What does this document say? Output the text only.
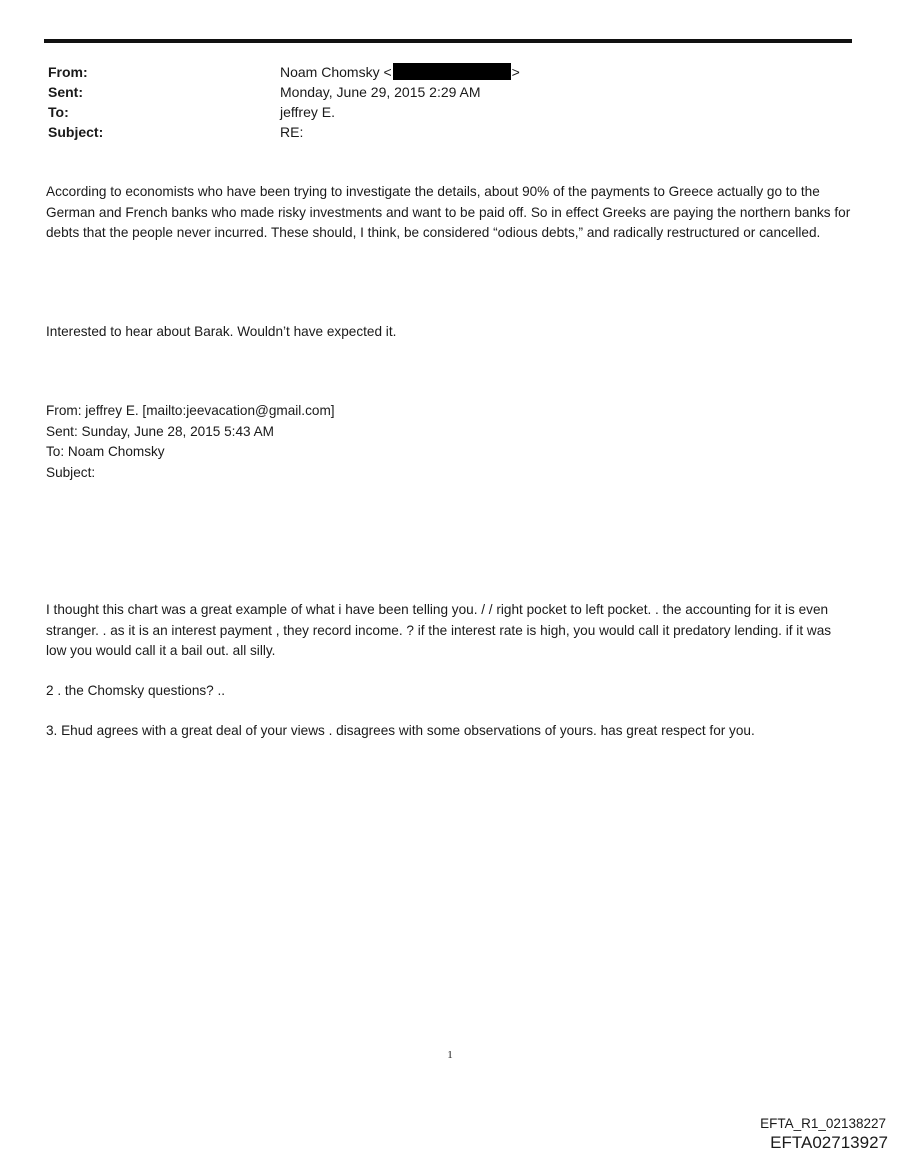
From:	Noam Chomsky <	>
Sent:	Monday, June 29, 2015 2:29 AM
To:	jeffrey E.
Subject:	RE:

According to economists who have been trying to investigate the details, about 90% of the payments to Greece actually go to the German and French banks who made risky investments and want to be paid off. So in effect Greeks are paying the northern banks for debts that the people never incurred. These should, I think, be considered “odious debts,” and radically restructured or cancelled.

Interested to hear about Barak. Wouldn’t have expected it.

From: jeffrey E. [mailto:jeevacation@gmail.com]
Sent: Sunday, June 28, 2015 5:43 AM
To: Noam Chomsky
Subject:

I thought this chart was a great example of what i have been telling you. / / right pocket to left pocket. . the accounting for it is even stranger. . as it is an interest payment , they record income. ? if the interest rate is high, you would call it predatory lending. if it was low you would call it a bail out. all silly.

2 . the Chomsky questions? ..

3. Ehud agrees with a great deal of your views . disagrees with some observations of yours. has great respect for you.

1
EFTA_R1_02138227
EFTA02713927
